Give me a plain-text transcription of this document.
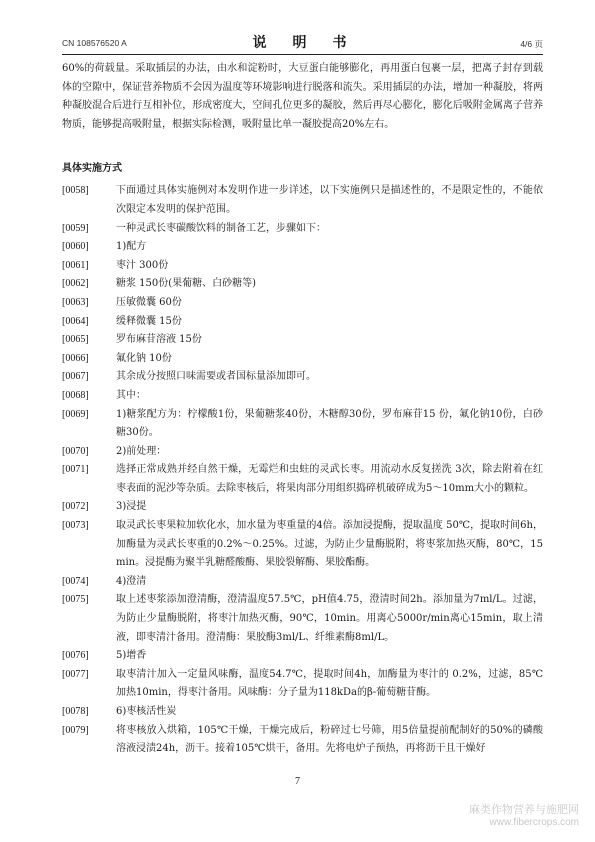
CN 108576520 A	说　明　书	4/6 页

60%的荷载量。采取插层的办法，由水和淀粉时，大豆蛋白能够膨化，再用蛋白包裹一层，把离子封存到载体的空隙中，保证营养物质不会因为温度等环境影响进行脱落和流失。采用插层的办法，增加一种凝胶，将两种凝胶混合后进行互相补位，形成密度大，空间孔位更多的凝胶，然后再尽心膨化，膨化后吸附金属离子营养物质，能够提高吸附量，根据实际检测，吸附量比单一凝胶提高20%左右。

具体实施方式
[0058]	下面通过具体实施例对本发明作进一步详述，以下实施例只是描述性的，不是限定性的，不能依次限定本发明的保护范围。
[0059]	一种灵武长枣碳酸饮料的制备工艺，步骤如下：
[0060]	1)配方
[0061]	枣汁 300份
[0062]	糖浆 150份(果葡糖、白砂糖等)
[0063]	压敏微囊 60份
[0064]	缓释微囊 15份
[0065]	罗布麻苷溶液 15份
[0066]	氟化钠 10份
[0067]	其余成分按照口味需要或者国标量添加即可。
[0068]	其中：
[0069]	1)糖浆配方为：柠檬酸1份，果葡糖浆40份，木糖醇30份，罗布麻苷15 份，氟化钠10份，白砂糖30份。
[0070]	2)前处理：
[0071]	选择正常成熟并经自然干燥，无霉烂和虫蛀的灵武长枣。用流动水反复搓洗 3次，除去附着在红枣表面的泥沙等杂质。去除枣核后，将果肉部分用组织捣碎机破碎成为5～10mm大小的颗粒。
[0072]	3)浸提
[0073]	取灵武长枣果粒加软化水，加水量为枣重量的4倍。添加浸提酶，提取温度 50℃，提取时间6h，加酶量为灵武长枣重的0.2%～0.25%。过滤，为防止少量酶脱附，将枣浆加热灭酶，80℃，15min。浸提酶为聚半乳糖醛酸酶、果胶裂解酶、果胶酯酶。
[0074]	4)澄清
[0075]	取上述枣浆添加澄清酶，澄清温度57.5℃，pH值4.75，澄清时间2h。添加量为7ml/L。过滤，为防止少量酶脱附，将枣汁加热灭酶，90℃，10min。用离心5000r/min离心15min，取上清液，即枣清汁备用。澄清酶：果胶酶3ml/L、纤维素酶8ml/L。
[0076]	5)增香
[0077]	取枣清汁加入一定量风味酶，温度54.7℃，提取时间4h，加酶量为枣汁的 0.2%，过滤，85℃加热10min，得枣汁备用。风味酶：分子量为118kDa的β-葡萄糖苷酶。
[0078]	6)枣核活性炭
[0079]	将枣核放入烘箱，105℃干燥，干燥完成后，粉碎过七号筛，用5倍量提前配制好的50%的磷酸溶液浸渍24h，沥干。接着105℃烘干，备用。先将电炉子预热，再将沥干且干燥好
7
麻类作物营养与施肥网
www.fibercrops.com
